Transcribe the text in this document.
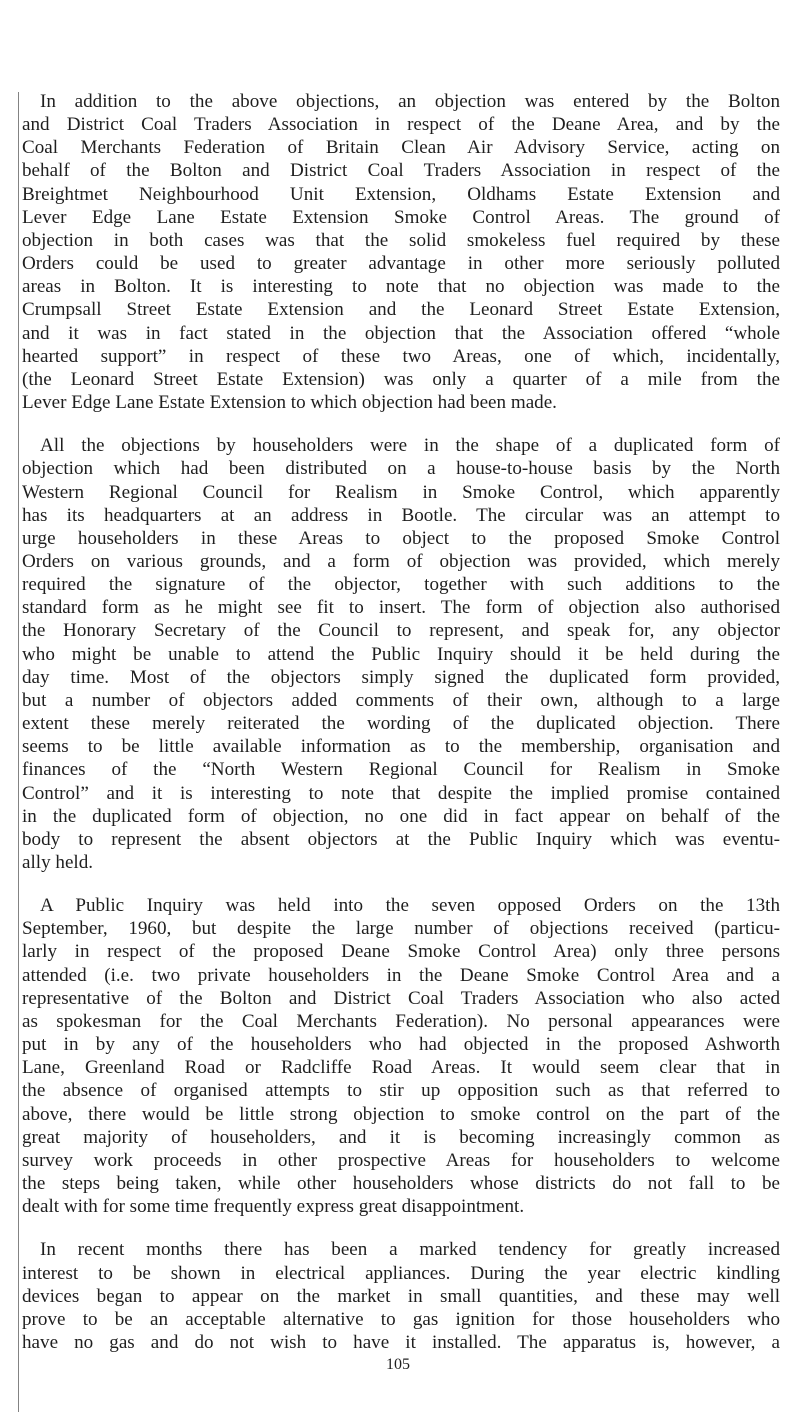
In addition to the above objections, an objection was entered by the Bolton
and District Coal Traders Association in respect of the Deane Area, and by the
Coal Merchants Federation of Britain Clean Air Advisory Service, acting on
behalf of the Bolton and District Coal Traders Association in respect of the
Breightmet Neighbourhood Unit Extension, Oldhams Estate Extension and
Lever Edge Lane Estate Extension Smoke Control Areas. The ground of
objection in both cases was that the solid smokeless fuel required by these
Orders could be used to greater advantage in other more seriously polluted
areas in Bolton. It is interesting to note that no objection was made to the
Crumpsall Street Estate Extension and the Leonard Street Estate Extension,
and it was in fact stated in the objection that the Association offered “whole
hearted support” in respect of these two Areas, one of which, incidentally,
(the Leonard Street Estate Extension) was only a quarter of a mile from the
Lever Edge Lane Estate Extension to which objection had been made.

All the objections by householders were in the shape of a duplicated form of
objection which had been distributed on a house-to-house basis by the North
Western Regional Council for Realism in Smoke Control, which apparently
has its headquarters at an address in Bootle. The circular was an attempt to
urge householders in these Areas to object to the proposed Smoke Control
Orders on various grounds, and a form of objection was provided, which merely
required the signature of the objector, together with such additions to the
standard form as he might see fit to insert. The form of objection also authorised
the Honorary Secretary of the Council to represent, and speak for, any objector
who might be unable to attend the Public Inquiry should it be held during the
day time. Most of the objectors simply signed the duplicated form provided,
but a number of objectors added comments of their own, although to a large
extent these merely reiterated the wording of the duplicated objection. There
seems to be little available information as to the membership, organisation and
finances of the “North Western Regional Council for Realism in Smoke
Control” and it is interesting to note that despite the implied promise contained
in the duplicated form of objection, no one did in fact appear on behalf of the
body to represent the absent objectors at the Public Inquiry which was eventu-
ally held.

A Public Inquiry was held into the seven opposed Orders on the 13th
September, 1960, but despite the large number of objections received (particu-
larly in respect of the proposed Deane Smoke Control Area) only three persons
attended (i.e. two private householders in the Deane Smoke Control Area and a
representative of the Bolton and District Coal Traders Association who also acted
as spokesman for the Coal Merchants Federation). No personal appearances were
put in by any of the householders who had objected in the proposed Ashworth
Lane, Greenland Road or Radcliffe Road Areas. It would seem clear that in
the absence of organised attempts to stir up opposition such as that referred to
above, there would be little strong objection to smoke control on the part of the
great majority of householders, and it is becoming increasingly common as
survey work proceeds in other prospective Areas for householders to welcome
the steps being taken, while other householders whose districts do not fall to be
dealt with for some time frequently express great disappointment.

In recent months there has been a marked tendency for greatly increased
interest to be shown in electrical appliances. During the year electric kindling
devices began to appear on the market in small quantities, and these may well
prove to be an acceptable alternative to gas ignition for those householders who
have no gas and do not wish to have it installed. The apparatus is, however, a

105
